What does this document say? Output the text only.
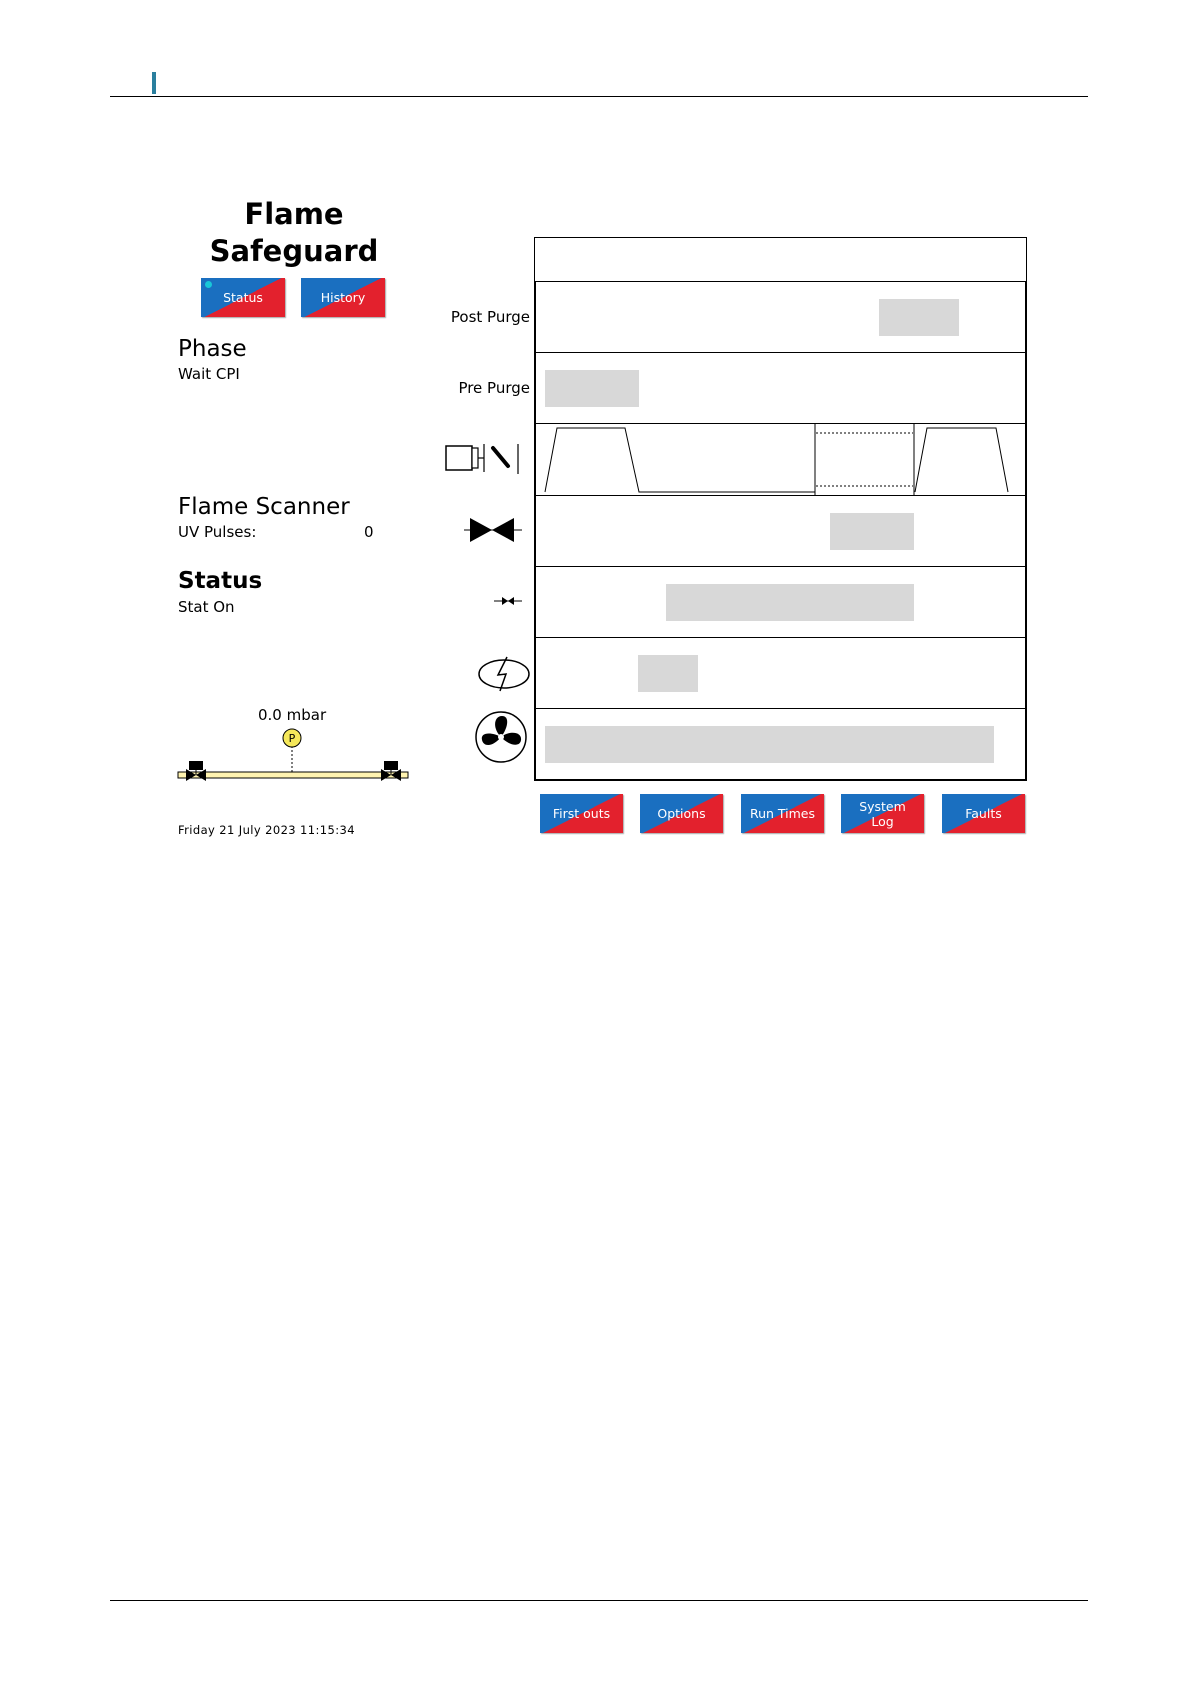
Flame
Safeguard
Status	History
Phase
Wait CPI
Flame Scanner
UV Pulses:	0
Status
Stat On
0.0 mbar
P
Friday 21 July 2023 11:15:34
Post Purge
Pre Purge
First outs	Options	Run Times	System
Log	Faults
